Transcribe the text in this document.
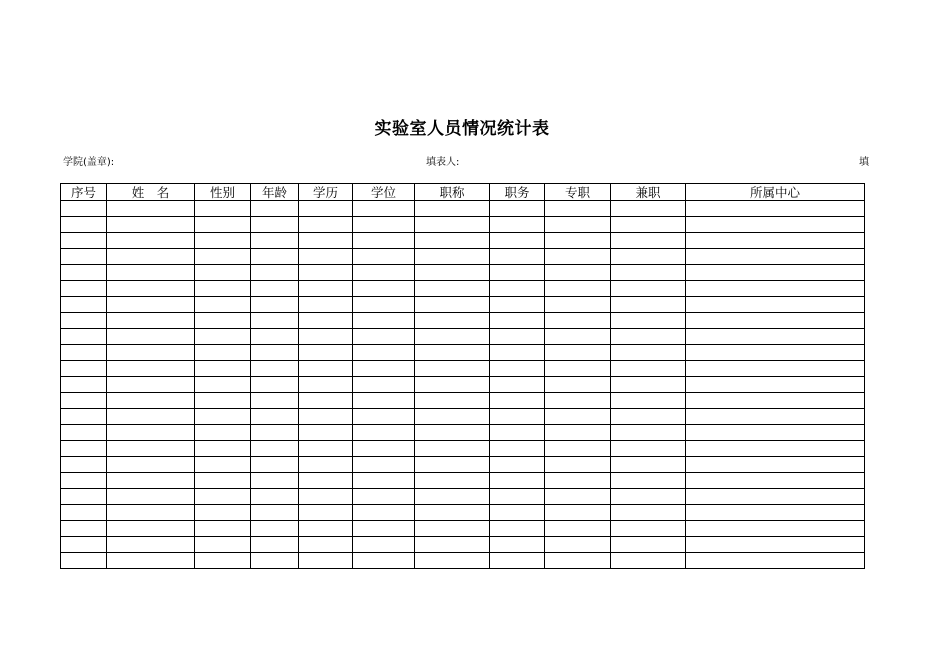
实验室人员情况统计表
学院(盖章):	填表人:	填
序号	姓　名	性别	年龄	学历	学位	职称	职务	专职	兼职	所属中心
